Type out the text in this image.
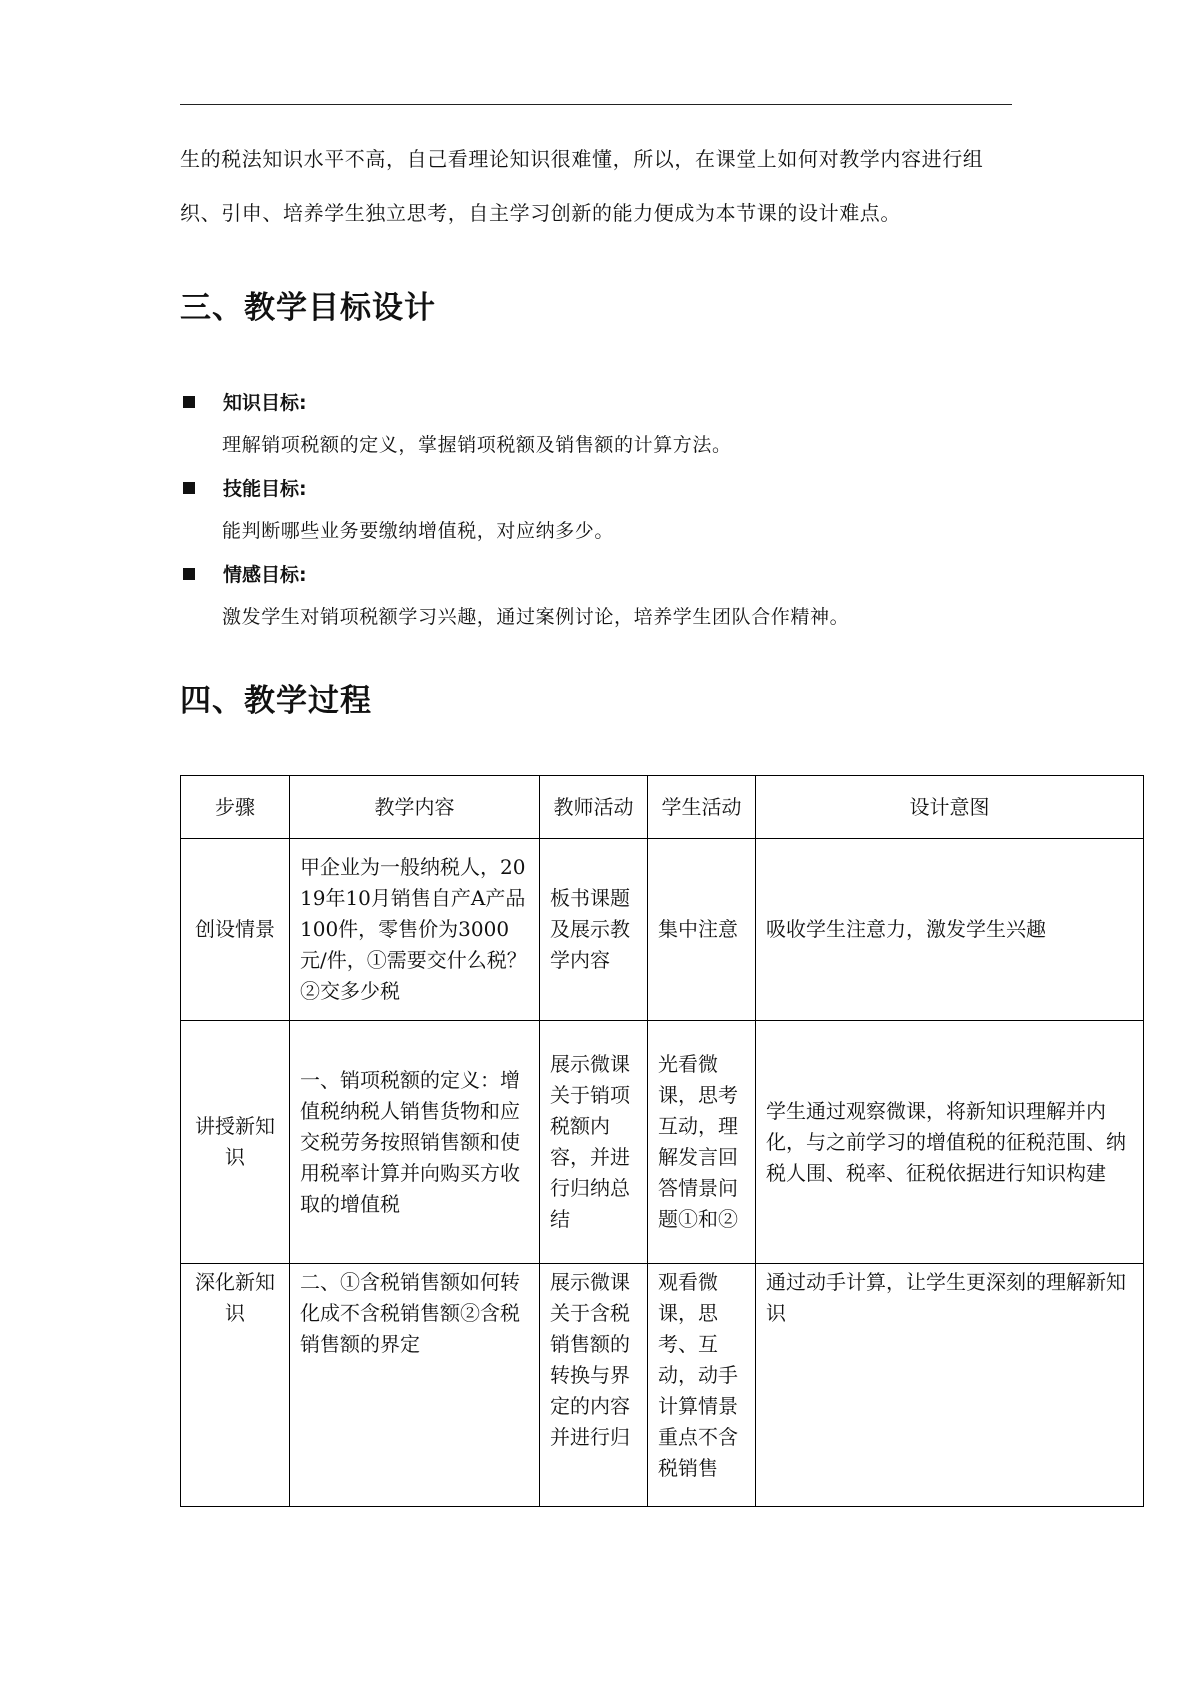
生的税法知识水平不高，自己看理论知识很难懂，所以，在课堂上如何对教学内容进行组
织、引申、培养学生独立思考，自主学习创新的能力便成为本节课的设计难点。
三、教学目标设计
知识目标:
理解销项税额的定义，掌握销项税额及销售额的计算方法。
技能目标:
能判断哪些业务要缴纳增值税，对应纳多少。
情感目标:
激发学生对销项税额学习兴趣，通过案例讨论，培养学生团队合作精神。
四、教学过程
步骤	教学内容	教师活动	学生活动	设计意图
创设情景	甲企业为一般纳税人，2019年10月销售自产A产品100件，零售价为3000元/件，①需要交什么税？②交多少税	板书课题及展示教学内容	集中注意	吸收学生注意力，激发学生兴趣
讲授新知识	一、销项税额的定义：增值税纳税人销售货物和应交税劳务按照销售额和使用税率计算并向购买方收取的增值税	展示微课关于销项税额内容，并进行归纳总结	光看微课，思考互动，理解发言回答情景问题①和②	学生通过观察微课，将新知识理解并内化，与之前学习的增值税的征税范围、纳税人围、税率、征税依据进行知识构建
深化新知识	二、①含税销售额如何转化成不含税销售额②含税销售额的界定	展示微课关于含税销售额的转换与界定的内容并进行归	观看微课，思考、互动，动手计算情景重点不含税销售	通过动手计算，让学生更深刻的理解新知识
